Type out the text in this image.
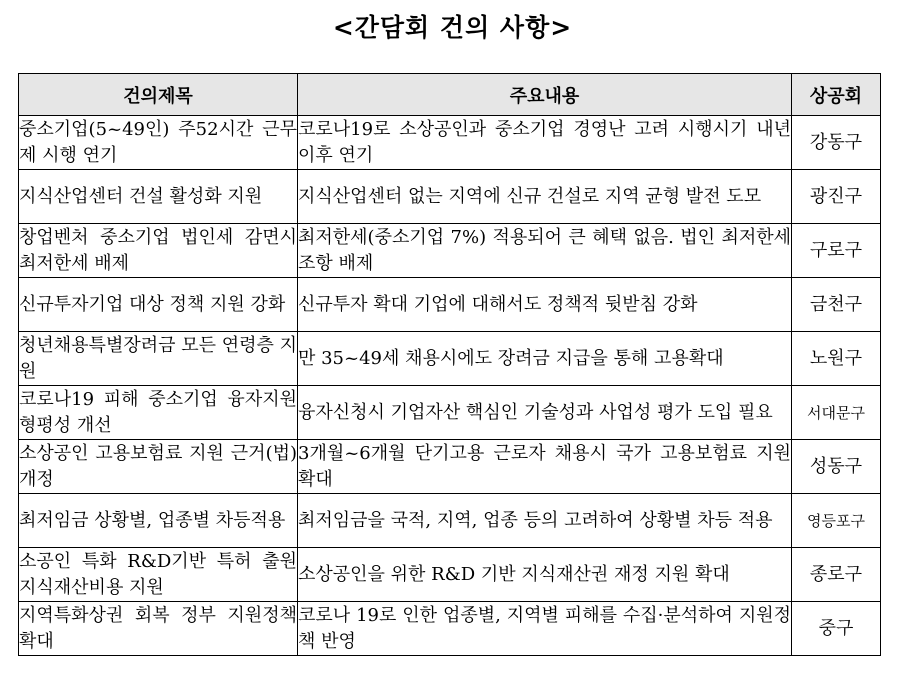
<간담회 건의 사항>
건의제목	주요내용	상공회
중소기업(5~49인) 주52시간 근무제 시행 연기	코로나19로 소상공인과 중소기업 경영난 고려 시행시기 내년 이후 연기	강동구
지식산업센터 건설 활성화 지원	지식산업센터 없는 지역에 신규 건설로 지역 균형 발전 도모	광진구
창업벤처 중소기업 법인세 감면시 최저한세 배제	최저한세(중소기업 7%) 적용되어 큰 혜택 없음. 법인 최저한세 조항 배제	구로구
신규투자기업 대상 정책 지원 강화	신규투자 확대 기업에 대해서도 정책적 뒷받침 강화	금천구
청년채용특별장려금 모든 연령층 지원	만 35~49세 채용시에도 장려금 지급을 통해 고용확대	노원구
코로나19 피해 중소기업 융자지원 형평성 개선	융자신청시 기업자산 핵심인 기술성과 사업성 평가 도입 필요	서대문구
소상공인 고용보험료 지원 근거(법) 개정	3개월~6개월 단기고용 근로자 채용시 국가 고용보험료 지원 확대	성동구
최저임금 상황별, 업종별 차등적용	최저임금을 국적, 지역, 업종 등의 고려하여 상황별 차등 적용	영등포구
소공인 특화 R&D기반 특허 출원 지식재산비용 지원	소상공인을 위한 R&D 기반 지식재산권 재정 지원 확대	종로구
지역특화상권 회복 정부 지원정책 확대	코로나 19로 인한 업종별, 지역별 피해를 수집·분석하여 지원정책 반영	중구
